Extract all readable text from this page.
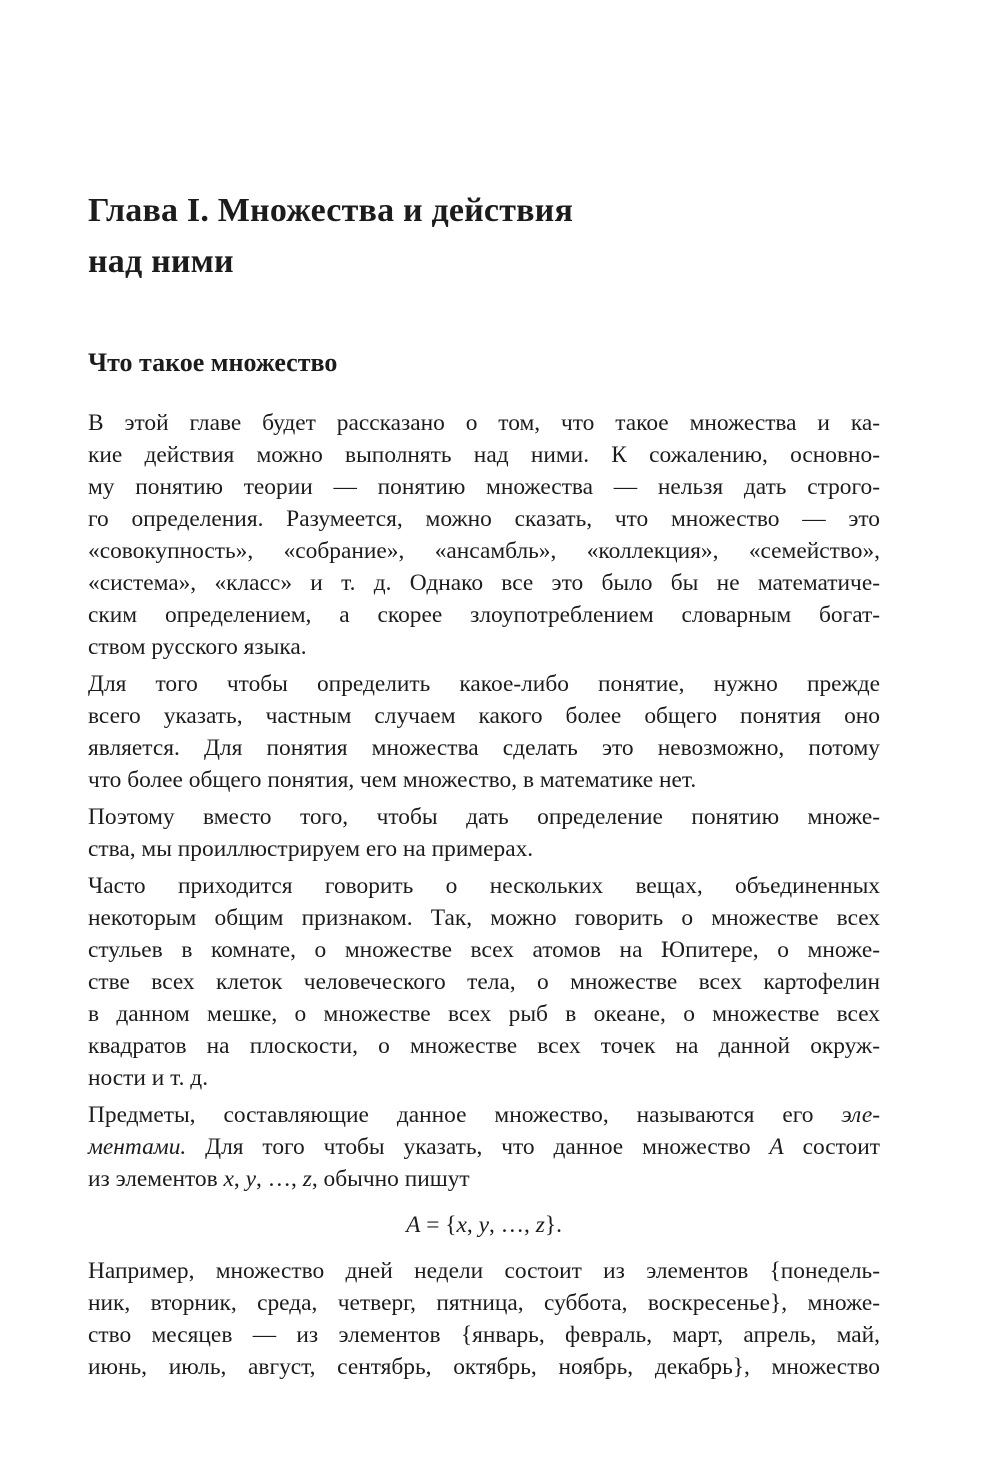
Глава I. Множества и действия
над ними
Что такое множество
В этой главе будет рассказано о том, что такое множества и ка-
кие действия можно выполнять над ними. К сожалению, основно-
му понятию теории — понятию множества — нельзя дать строго-
го определения. Разумеется, можно сказать, что множество — это
«совокупность», «собрание», «ансамбль», «коллекция», «семейство»,
«система», «класс» и т. д. Однако все это было бы не математиче-
ским определением, а скорее злоупотреблением словарным богат-
ством русского языка.
Для того чтобы определить какое-либо понятие, нужно прежде
всего указать, частным случаем какого более общего понятия оно
является. Для понятия множества сделать это невозможно, потому
что более общего понятия, чем множество, в математике нет.
Поэтому вместо того, чтобы дать определение понятию множе-
ства, мы проиллюстрируем его на примерах.
Часто приходится говорить о нескольких вещах, объединенных
некоторым общим признаком. Так, можно говорить о множестве всех
стульев в комнате, о множестве всех атомов на Юпитере, о множе-
стве всех клеток человеческого тела, о множестве всех картофелин
в данном мешке, о множестве всех рыб в океане, о множестве всех
квадратов на плоскости, о множестве всех точек на данной окруж-
ности и т. д.
Предметы, составляющие данное множество, называются его эле-
ментами. Для того чтобы указать, что данное множество A состоит
из элементов x, y, …, z, обычно пишут
A = {x, y, …, z}.
Например, множество дней недели состоит из элементов {понедель-
ник, вторник, среда, четверг, пятница, суббота, воскресенье}, множе-
ство месяцев — из элементов {январь, февраль, март, апрель, май,
июнь, июль, август, сентябрь, октябрь, ноябрь, декабрь}, множество
